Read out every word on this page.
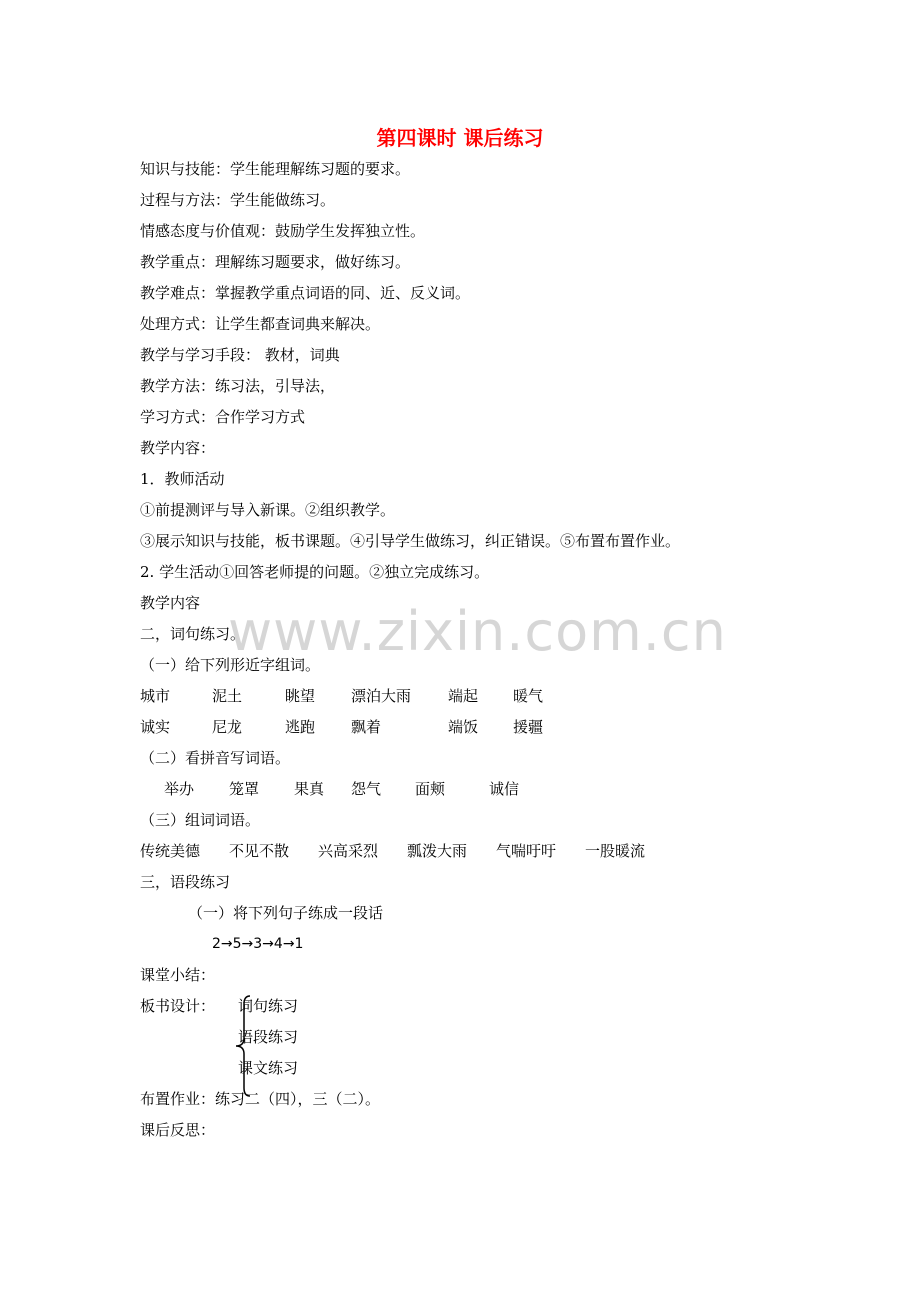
www.zixin.com.cn
第四课时 课后练习
知识与技能：学生能理解练习题的要求。
过程与方法：学生能做练习。
情感态度与价值观：鼓励学生发挥独立性。
教学重点：理解练习题要求，做好练习。
教学难点：掌握教学重点词语的同、近、反义词。
处理方式：让学生都查词典来解决。
教学与学习手段： 教材，词典
教学方法：练习法，引导法，
学习方式：合作学习方式
教学内容：
1．教师活动
①前提测评与导入新课。②组织教学。
③展示知识与技能，板书课题。④引导学生做练习，纠正错误。⑤布置布置作业。
2. 学生活动①回答老师提的问题。②独立完成练习。
教学内容
二，词句练习。
（一）给下列形近字组词。
城市	泥土	眺望 漂泊大雨 端起 暖气
诚实	尼龙	逃跑 飘着	端饭 援疆
（二）看拼音写词语。
举办 笼罩 果真 怨气 面颊	诚信
（三）组词词语。
传统美德 不见不散 兴高采烈 瓢泼大雨 气喘吁吁 一股暖流
三，语段练习
（一）将下列句子练成一段话
2→5→3→4→1
课堂小结：
板书设计： 词句练习
语段练习
课文练习
布置作业：练习二（四），三（二）。
课后反思：
